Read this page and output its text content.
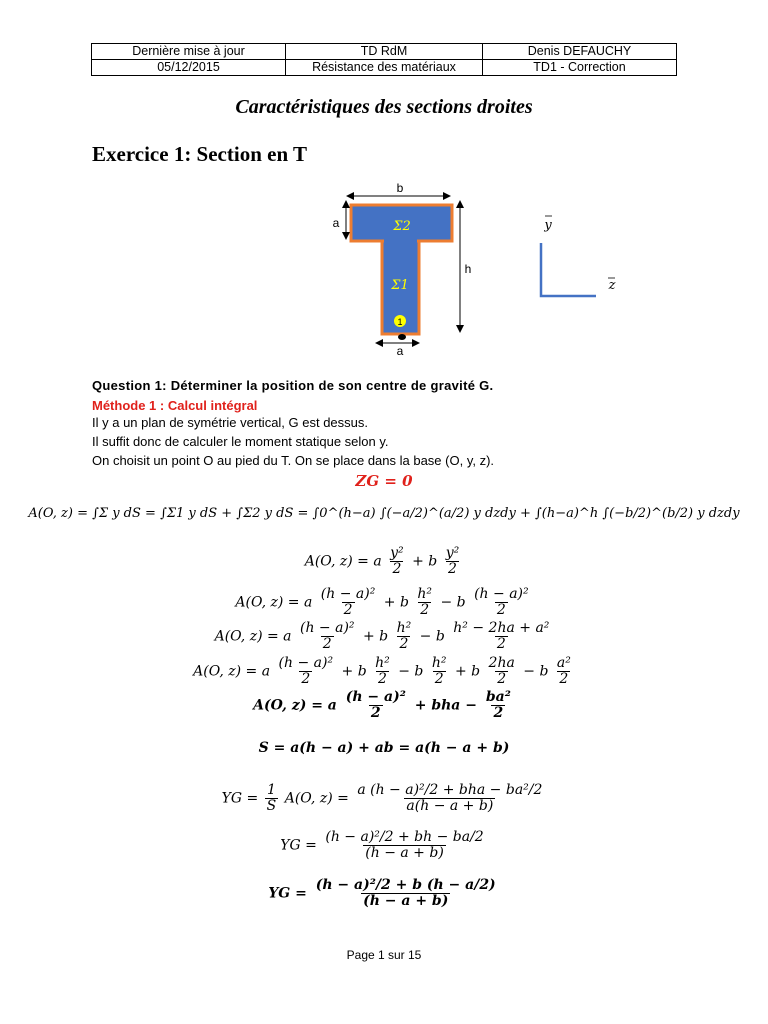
Dernière mise à jour	TD RdM	Denis DEFAUCHY
05/12/2015	Résistance des matériaux	TD1 - Correction
Caractéristiques des sections droites
Exercice 1: Section en T
1
Σ2
Σ1
b
a
h
a
y
z
Question 1: Déterminer la position de son centre de gravité G.
Méthode 1 : Calcul intégral
Il y a un plan de symétrie vertical, G est dessus.
Il suffit donc de calculer le moment statique selon y.
On choisit un point O au pied du T. On se place dans la base (O, y, z).
ZG = 0
A(O, z) = ∫Σ y dS = ∫Σ1 y dS + ∫Σ2 y dS = ∫0^(h−a) ∫(−a/2)^(a/2) y dzdy + ∫(h−a)^h ∫(−b/2)^(b/2) y dzdy
A(O, z) = a $\frac{\text{y²}}{2} + b \frac{\text{y²}}{2}$
A(O, z) = a $\frac{\text{(h − a)²}}{2} + b \frac{\text{h²}}{2} - b \frac{\text{(h − a)²}}{2}$
A(O, z) = a $\frac{\text{(h − a)²}}{2} + b \frac{\text{h²}}{2} - b \frac{\text{h² − 2ha + a²}}{2}$
A(O, z) = a $\frac{\text{(h − a)²}}{2} + b \frac{\text{h²}}{2} - b \frac{\text{h²}}{2} + b \frac{2ha}{2} - b \frac{\text{a²}}{2}$
A(O, z) = a $\frac{\text{(h − a)²}}{2}$ + bha − $\frac{\text{ba²}}{2}$
S = a(h − a) + ab = a(h − a + b)
YG = $\frac{1}{S} A(O$, $z) = \frac{\text{a (h − a)²/2 + bha − ba²/2}}{a(h - a + b)}$
YG = $\frac{\text{(h − a)²/2 + bh − ba/2}}{(h - a + b)}$
YG = $\frac{\text{(h − a)²/2 + b (h − a/2)}}{(h - a + b)}$
Page 1 sur 15
